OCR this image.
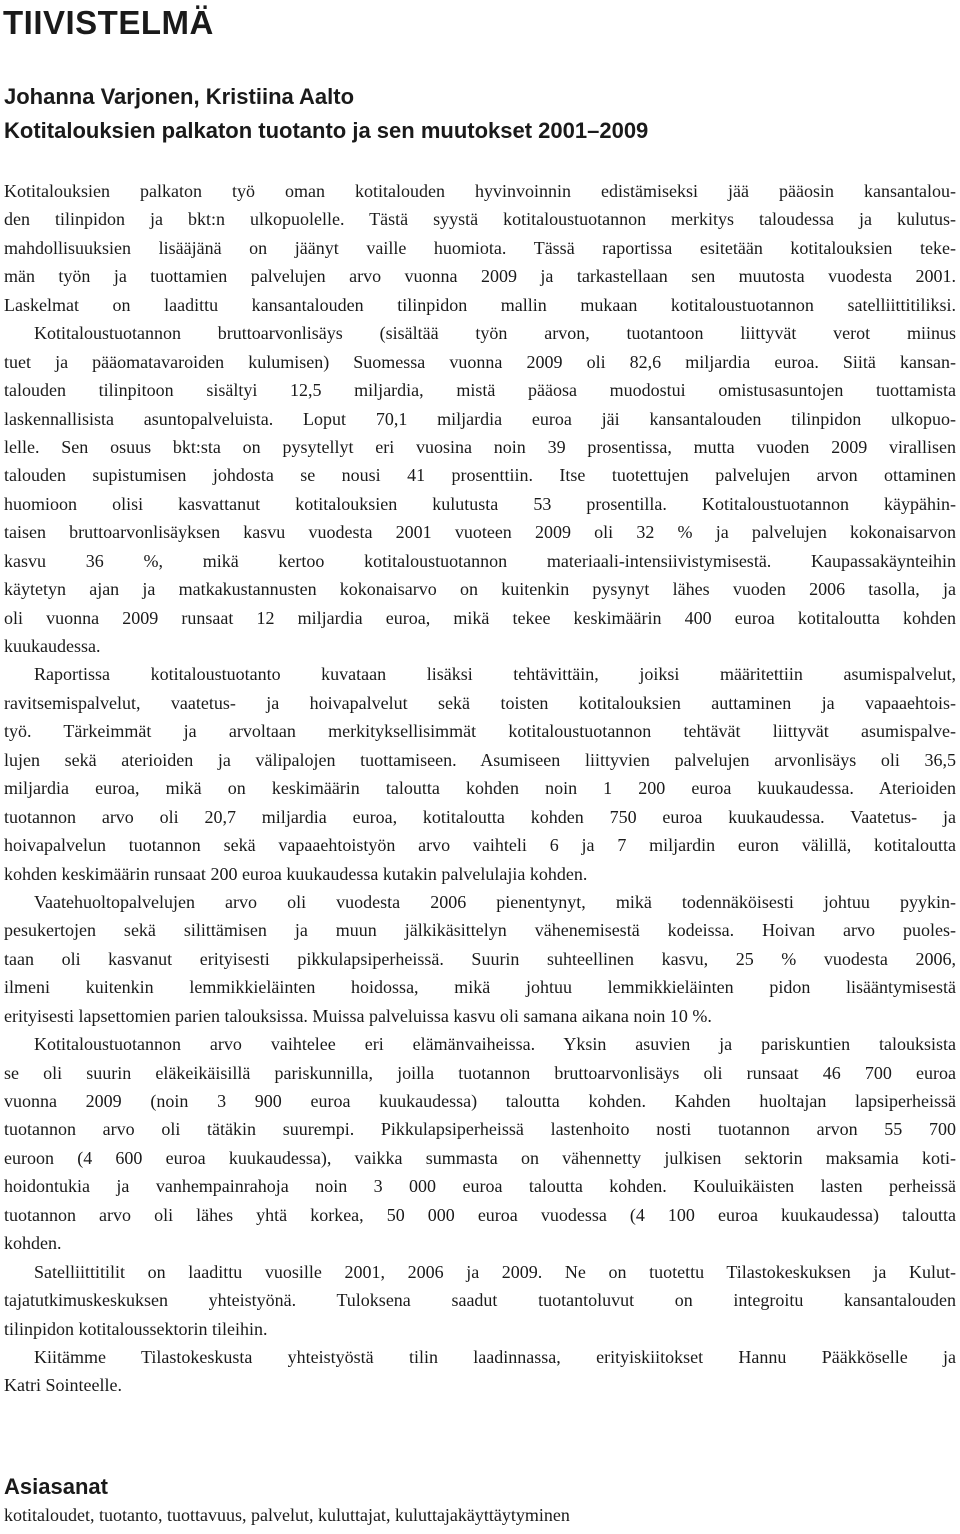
TIIVISTELMÄ
Johanna Varjonen, Kristiina Aalto
Kotitalouksien palkaton tuotanto ja sen muutokset 2001–2009
Kotitalouksien palkaton työ oman kotitalouden hyvinvoinnin edistämiseksi jää pääosin kansantalou-
den tilinpidon ja bkt:n ulkopuolelle. Tästä syystä kotitaloustuotannon merkitys taloudessa ja kulutus-
mahdollisuuksien lisääjänä on jäänyt vaille huomiota. Tässä raportissa esitetään kotitalouksien teke-
män työn ja tuottamien palvelujen arvo vuonna 2009 ja tarkastellaan sen muutosta vuodesta 2001.
Laskelmat on laadittu kansantalouden tilinpidon mallin mukaan kotitaloustuotannon satelliittitiliksi.
Kotitaloustuotannon bruttoarvonlisäys (sisältää työn arvon, tuotantoon liittyvät verot miinus
tuet ja pääomatavaroiden kulumisen) Suomessa vuonna 2009 oli 82,6 miljardia euroa. Siitä kansan-
talouden tilinpitoon sisältyi 12,5 miljardia, mistä pääosa muodostui omistusasuntojen tuottamista
laskennallisista asuntopalveluista. Loput 70,1 miljardia euroa jäi kansantalouden tilinpidon ulkopuo-
lelle. Sen osuus bkt:sta on pysytellyt eri vuosina noin 39 prosentissa, mutta vuoden 2009 virallisen
talouden supistumisen johdosta se nousi 41 prosenttiin. Itse tuotettujen palvelujen arvon ottaminen
huomioon olisi kasvattanut kotitalouksien kulutusta 53 prosentilla. Kotitaloustuotannon käypähin-
taisen bruttoarvonlisäyksen kasvu vuodesta 2001 vuoteen 2009 oli 32 % ja palvelujen kokonaisarvon
kasvu 36 %, mikä kertoo kotitaloustuotannon materiaali-intensiivistymisestä. Kaupassakäynteihin
käytetyn ajan ja matkakustannusten kokonaisarvo on kuitenkin pysynyt lähes vuoden 2006 tasolla, ja
oli vuonna 2009 runsaat 12 miljardia euroa, mikä tekee keskimäärin 400 euroa kotitaloutta kohden
kuukaudessa.
Raportissa kotitaloustuotanto kuvataan lisäksi tehtävittäin, joiksi määritettiin asumispalvelut,
ravitsemispalvelut, vaatetus- ja hoivapalvelut sekä toisten kotitalouksien auttaminen ja vapaaehtois-
työ. Tärkeimmät ja arvoltaan merkityksellisimmät kotitaloustuotannon tehtävät liittyvät asumispalve-
lujen sekä aterioiden ja välipalojen tuottamiseen. Asumiseen liittyvien palvelujen arvonlisäys oli 36,5
miljardia euroa, mikä on keskimäärin taloutta kohden noin 1 200 euroa kuukaudessa. Aterioiden
tuotannon arvo oli 20,7 miljardia euroa, kotitaloutta kohden 750 euroa kuukaudessa. Vaatetus- ja
hoivapalvelun tuotannon sekä vapaaehtoistyön arvo vaihteli 6 ja 7 miljardin euron välillä, kotitaloutta
kohden keskimäärin runsaat 200 euroa kuukaudessa kutakin palvelulajia kohden.
Vaatehuoltopalvelujen arvo oli vuodesta 2006 pienentynyt, mikä todennäköisesti johtuu pyykin-
pesukertojen sekä silittämisen ja muun jälkikäsittelyn vähenemisestä kodeissa. Hoivan arvo puoles-
taan oli kasvanut erityisesti pikkulapsiperheissä. Suurin suhteellinen kasvu, 25 % vuodesta 2006,
ilmeni kuitenkin lemmikkieläinten hoidossa, mikä johtuu lemmikkieläinten pidon lisääntymisestä
erityisesti lapsettomien parien talouksissa. Muissa palveluissa kasvu oli samana aikana noin 10 %.
Kotitaloustuotannon arvo vaihtelee eri elämänvaiheissa. Yksin asuvien ja pariskuntien talouksista
se oli suurin eläkeikäisillä pariskunnilla, joilla tuotannon bruttoarvonlisäys oli runsaat 46 700 euroa
vuonna 2009 (noin 3 900 euroa kuukaudessa) taloutta kohden. Kahden huoltajan lapsiperheissä
tuotannon arvo oli tätäkin suurempi. Pikkulapsiperheissä lastenhoito nosti tuotannon arvon 55 700
euroon (4 600 euroa kuukaudessa), vaikka summasta on vähennetty julkisen sektorin maksamia koti-
hoidontukia ja vanhempainrahoja noin 3 000 euroa taloutta kohden. Kouluikäisten lasten perheissä
tuotannon arvo oli lähes yhtä korkea, 50 000 euroa vuodessa (4 100 euroa kuukaudessa) taloutta
kohden.
Satelliittitilit on laadittu vuosille 2001, 2006 ja 2009. Ne on tuotettu Tilastokeskuksen ja Kulut-
tajatutkimuskeskuksen yhteistyönä. Tuloksena saadut tuotantoluvut on integroitu kansantalouden
tilinpidon kotitaloussektorin tileihin.
Kiitämme Tilastokeskusta yhteistyöstä tilin laadinnassa, erityiskiitokset Hannu Pääkköselle ja
Katri Sointeelle.
Asiasanat
kotitaloudet, tuotanto, tuottavuus, palvelut, kuluttajat, kuluttajakäyttäytyminen
